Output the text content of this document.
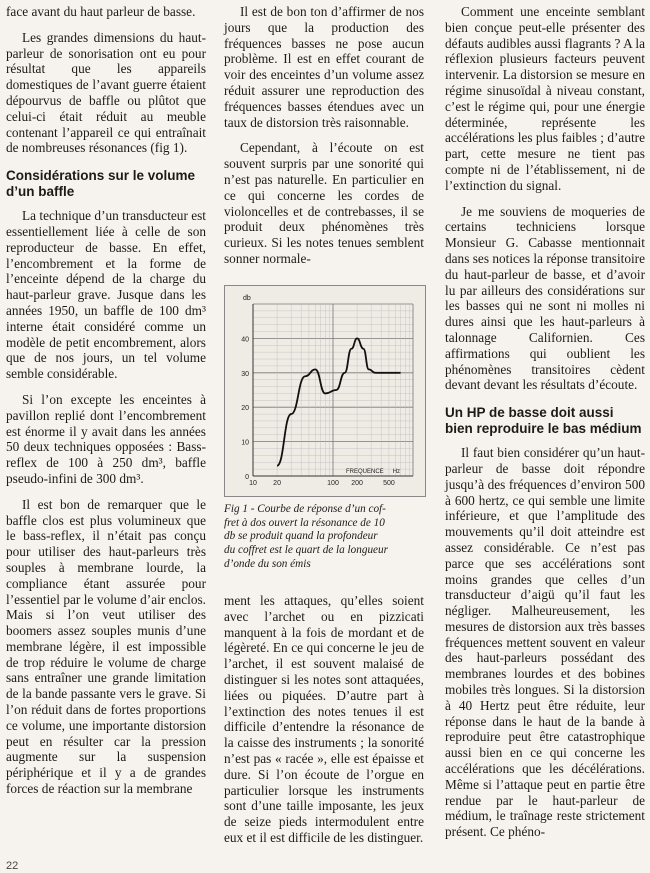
face avant du haut parleur de basse.

Les grandes dimensions du haut-parleur de sonorisation ont eu pour résultat que les appareils domestiques de l’avant guerre étaient dépourvus de baffle ou plûtot que celui-ci était réduit au meuble contenant l’appareil ce qui entraînait de nombreuses résonances (fig 1).

Considérations sur le volume d’un baffle

La technique d’un transducteur est essentiellement liée à celle de son reproducteur de basse. En effet, l’encombrement et la forme de l’enceinte dépend de la charge du haut-parleur grave. Jusque dans les années 1950, un baffle de 100 dm³ interne était considéré comme un modèle de petit encombrement, alors que de nos jours, un tel volume semble considérable.

Si l’on excepte les enceintes à pavillon replié dont l’encombrement est énorme il y avait dans les années 50 deux techniques opposées : Bass-reflex de 100 à 250 dm³, baffle pseudo-infini de 300 dm³.

Il est bon de remarquer que le baffle clos est plus volumineux que le bass-reflex, il n’était pas conçu pour utiliser des haut-parleurs très souples à membrane lourde, la compliance étant assurée pour l’essentiel par le volume d’air enclos. Mais si l’on veut utiliser des boomers assez souples munis d’une membrane légère, il est impossible de trop réduire le volume de charge sans entraîner une grande limitation de la bande passante vers le grave. Si l’on réduit dans de fortes proportions ce volume, une importante distorsion peut en résulter car la pression augmente sur la suspension périphérique et il y a de grandes forces de réaction sur la membrane

Il est de bon ton d’affirmer de nos jours que la production des fréquences basses ne pose aucun problème. Il est en effet courant de voir des enceintes d’un volume assez réduit assurer une reproduction des fréquences basses étendues avec un taux de distorsion très raisonnable.

Cependant, à l’écoute on est souvent surpris par une sonorité qui n’est pas naturelle. En particulier en ce qui concerne les cordes de violoncelles et de contrebasses, il se produit deux phénomènes très curieux. Si les notes tenues semblent sonner normale-

0
10
20
30
40
db
10 20	100 200	500
FREQUENCE Hz
Fig 1 - Courbe de réponse d’un cof-
fret à dos ouvert la résonance de 10
db se produit quand la profondeur
du coffret est le quart de la longueur
d’onde du son émis

ment les attaques, qu’elles soient avec l’archet ou en pizzicati manquent à la fois de mordant et de légèreté. En ce qui concerne le jeu de l’archet, il est souvent malaisé de distinguer si les notes sont attaquées, liées ou piquées. D’autre part à l’extinction des notes tenues il est difficile d’entendre la résonance de la caisse des instruments ; la sonorité n’est pas « racée », elle est épaisse et dure. Si l’on écoute de l’orgue en particulier lorsque les instruments sont d’une taille imposante, les jeux de seize pieds intermodulent entre eux et il est difficile de les distinguer.

Comment une enceinte semblant bien conçue peut-elle présenter des défauts audibles aussi flagrants ? A la réflexion plusieurs facteurs peuvent intervenir. La distorsion se mesure en régime sinusoïdal à niveau constant, c’est le régime qui, pour une énergie déterminée, représente les accélérations les plus faibles ; d’autre part, cette mesure ne tient pas compte ni de l’établissement, ni de l’extinction du signal.

Je me souviens de moqueries de certains techniciens lorsque Monsieur G. Cabasse mentionnait dans ses notices la réponse transitoire du haut-parleur de basse, et d’avoir lu par ailleurs des considérations sur les basses qui ne sont ni molles ni dures ainsi que les haut-parleurs à talonnage Californien. Ces affirmations qui oublient les phénomènes transitoires cèdent devant devant les résultats d’écoute.

Un HP de basse doit aussi bien reproduire le bas médium

Il faut bien considérer qu’un haut-parleur de basse doit répondre jusqu’à des fréquences d’environ 500 à 600 hertz, ce qui semble une limite inférieure, et que l’amplitude des mouvements qu’il doit atteindre est assez considérable. Ce n’est pas parce que ses accélérations sont moins grandes que celles d’un transducteur d’aigü qu’il faut les négliger. Malheureusement, les mesures de distorsion aux très basses fréquences mettent souvent en valeur des haut-parleurs possédant des membranes lourdes et des bobines mobiles très longues. Si la distorsion à 40 Hertz peut être réduite, leur réponse dans le haut de la bande à reproduire peut être catastrophique aussi bien en ce qui concerne les accélérations que les décélérations. Même si l’attaque peut en partie être rendue par le haut-parleur de médium, le traînage reste strictement présent. Ce phéno-

22
